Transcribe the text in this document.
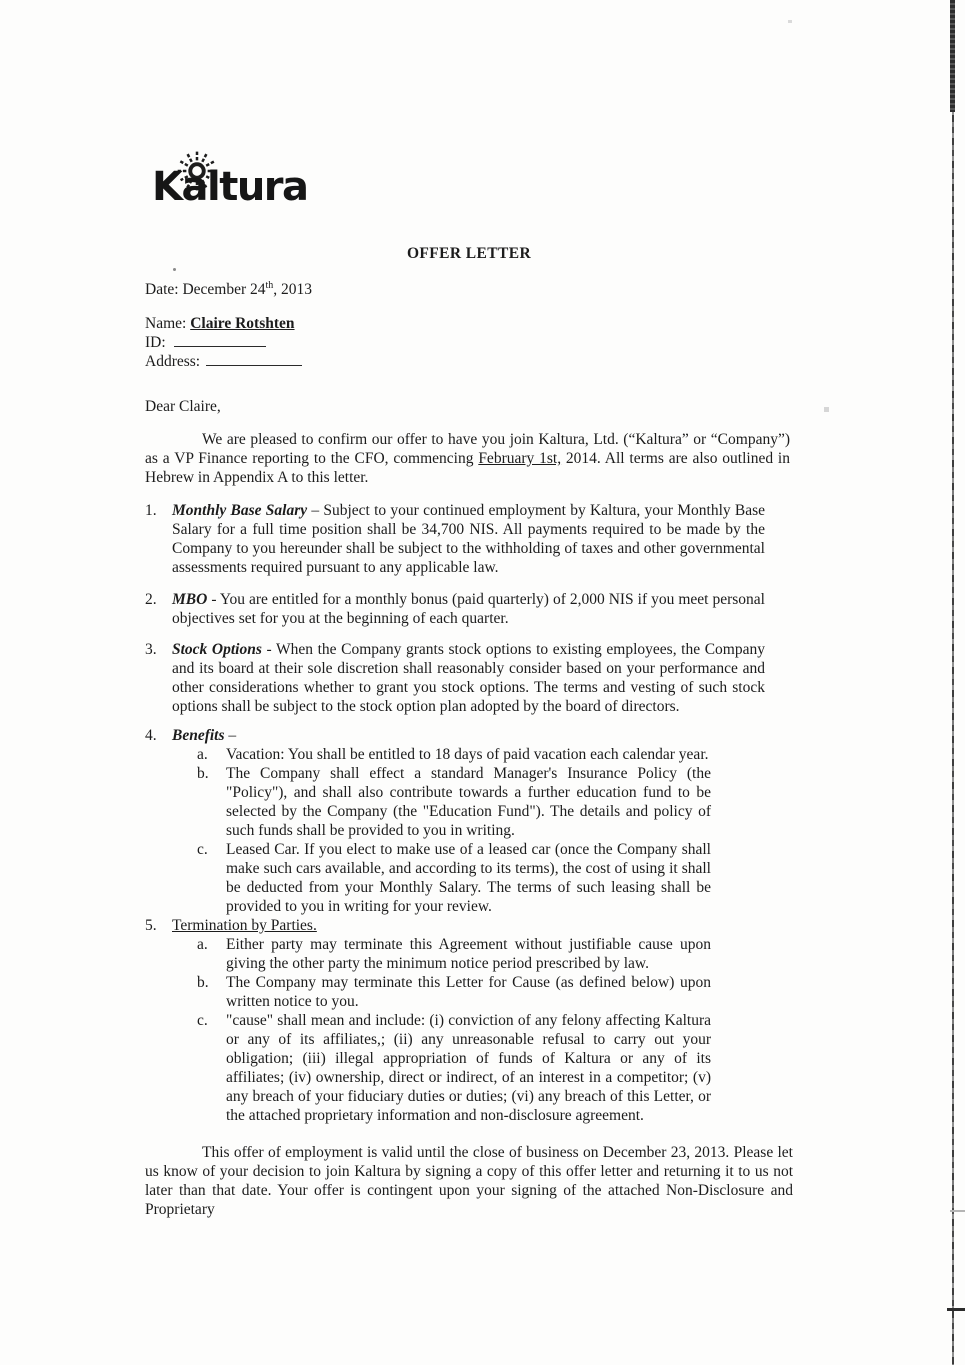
Kaltura
OFFER LETTER
Date: December 24th, 2013
Name: Claire Rotshten
ID:
Address:
Dear Claire,

We are pleased to confirm our offer to have you join Kaltura, Ltd. (“Kaltura” or “Company”) as a VP Finance reporting to the CFO, commencing February 1st, 2014. All terms are also outlined in Hebrew in Appendix A to this letter.

1. Monthly Base Salary – Subject to your continued employment by Kaltura, your Monthly Base Salary for a full time position shall be 34,700 NIS. All payments required to be made by the Company to you hereunder shall be subject to the withholding of taxes and other governmental assessments required pursuant to any applicable law.
2. MBO - You are entitled for a monthly bonus (paid quarterly) of 2,000 NIS if you meet personal objectives set for you at the beginning of each quarter.
3. Stock Options - When the Company grants stock options to existing employees, the Company and its board at their sole discretion shall reasonably consider based on your performance and other considerations whether to grant you stock options. The terms and vesting of such stock options shall be subject to the stock option plan adopted by the board of directors.
4. Benefits –
a.	Vacation: You shall be entitled to 18 days of paid vacation each calendar year.
b.	The Company shall effect a standard Manager's Insurance Policy (the "Policy"), and shall also contribute towards a further education fund to be selected by the Company (the "Education Fund"). The details and policy of such funds shall be provided to you in writing.
c.	Leased Car. If you elect to make use of a leased car (once the Company shall make such cars available, and according to its terms), the cost of using it shall be deducted from your Monthly Salary. The terms of such leasing shall be provided to you in writing for your review.
5. Termination by Parties.
a.	Either party may terminate this Agreement without justifiable cause upon giving the other party the minimum notice period prescribed by law.
b.	The Company may terminate this Letter for Cause (as defined below) upon written notice to you.
c.	"cause" shall mean and include: (i) conviction of any felony affecting Kaltura or any of its affiliates,; (ii) any unreasonable refusal to carry out your obligation; (iii) illegal appropriation of funds of Kaltura or any of its affiliates; (iv) ownership, direct or indirect, of an interest in a competitor; (v) any breach of your fiduciary duties or duties; (vi) any breach of this Letter, or the attached proprietary information and non-disclosure agreement.

This offer of employment is valid until the close of business on December 23, 2013. Please let us know of your decision to join Kaltura by signing a copy of this offer letter and returning it to us not later than that date. Your offer is contingent upon your signing of the attached Non-Disclosure and Proprietary
